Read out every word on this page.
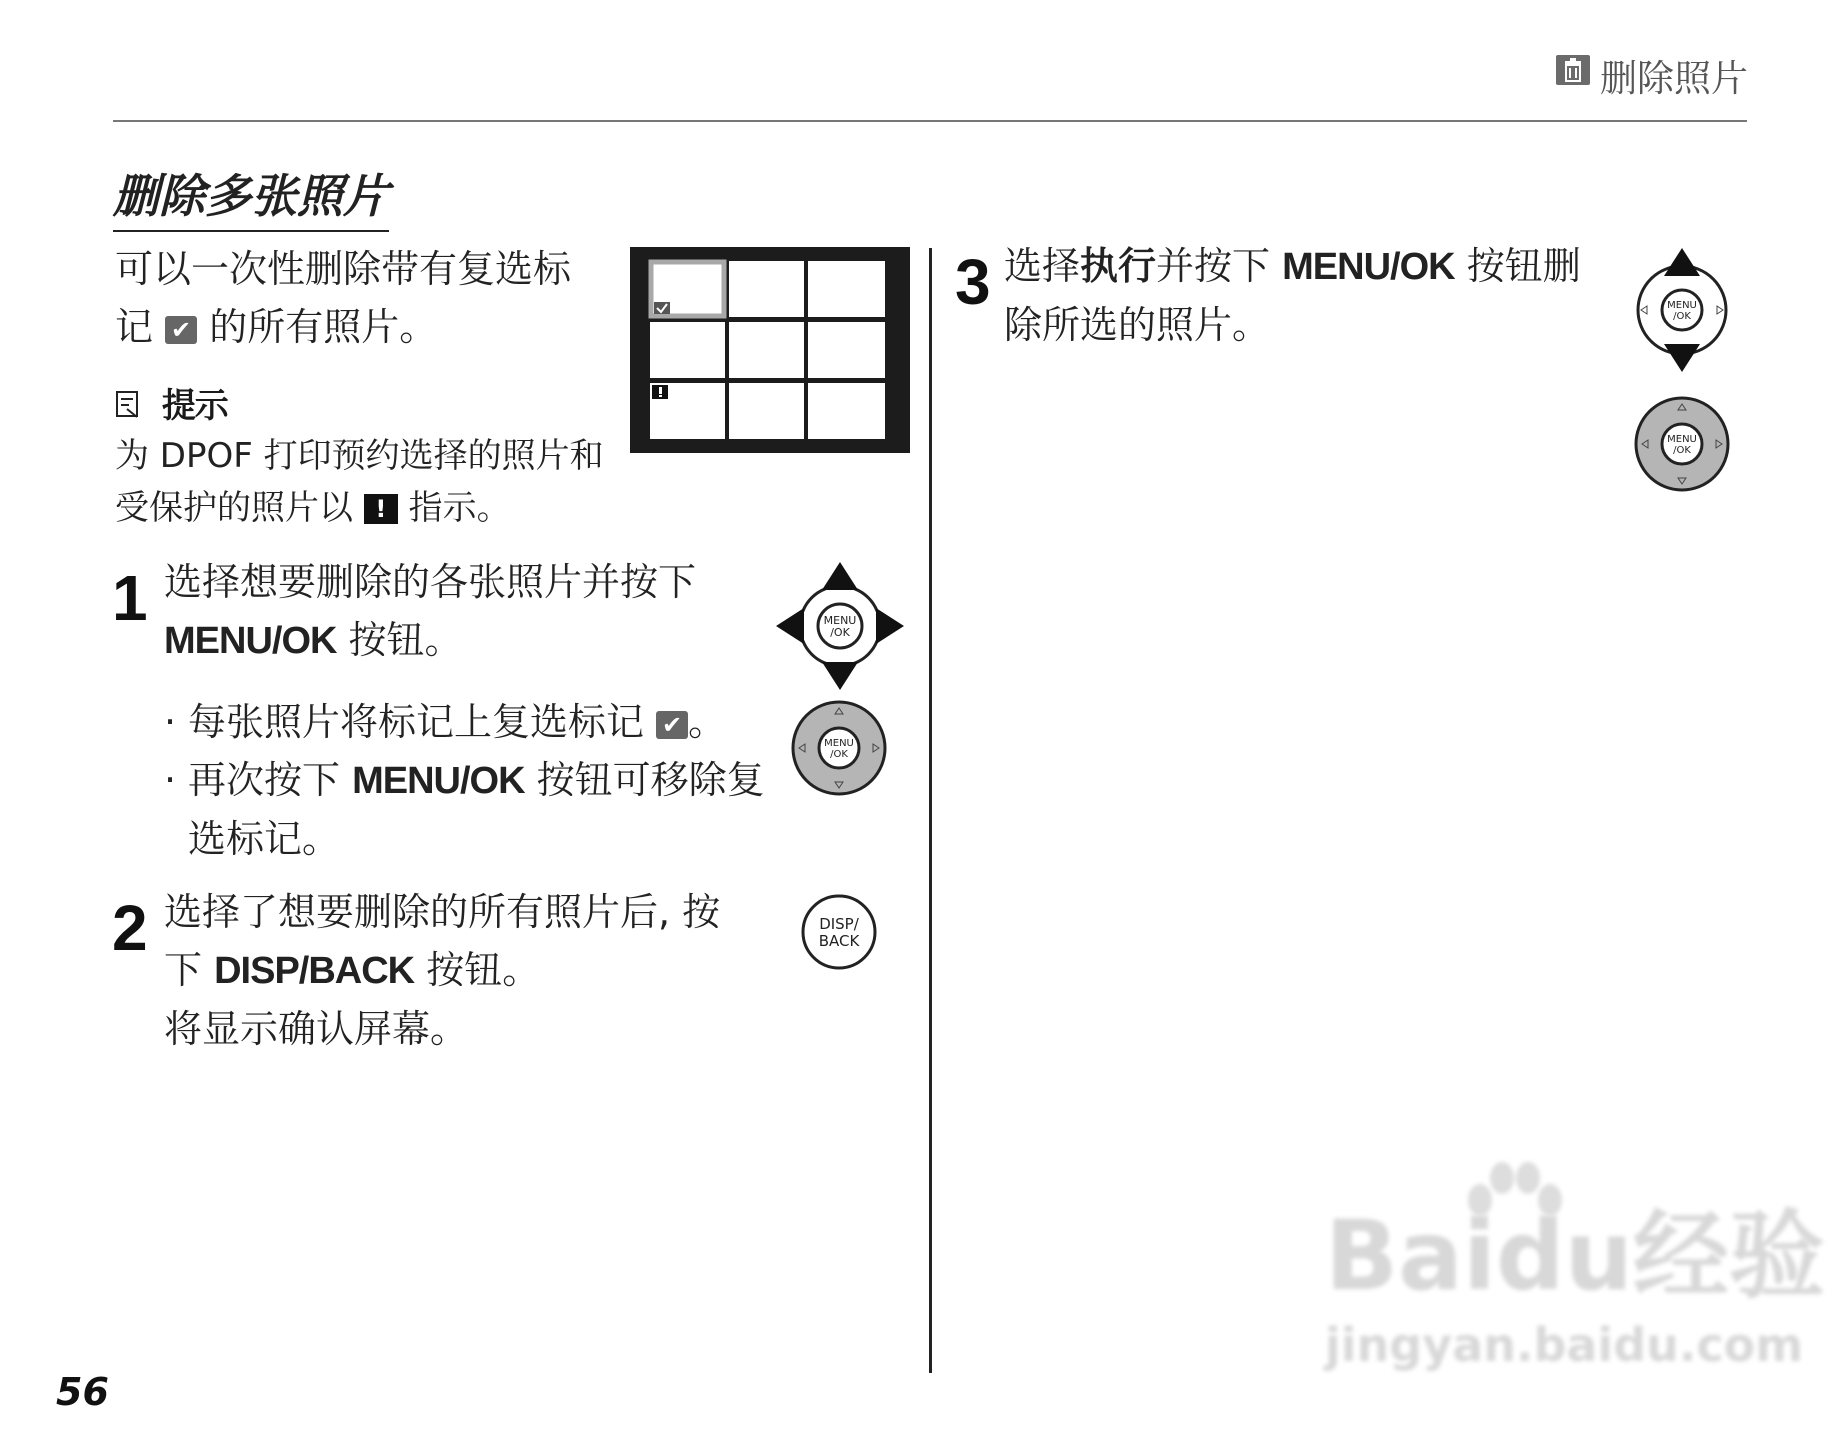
删除照片
删除多张照片
可以一次性删除带有复选标
记 ✔ 的所有照片。
提示
为 DPOF 打印预约选择的照片和
受保护的照片以 ! 指示。
1 选择想要删除的各张照片并按下
MENU/OK 按钮。
· 每张照片将标记上复选标记 ✔ 。
· 再次按下 MENU/OK 按钮可移除复
选标记。
2 选择了想要删除的所有照片后, 按
下 DISP/BACK 按钮。
将显示确认屏幕。
MENU
/OK
MENU
/OK
DISP/
BACK
3 选择执行并按下 MENU/OK 按钮删
除所选的照片。	MENU
/OK
MENU
/OK
56
Baidu经验
jingyan.baidu.com
